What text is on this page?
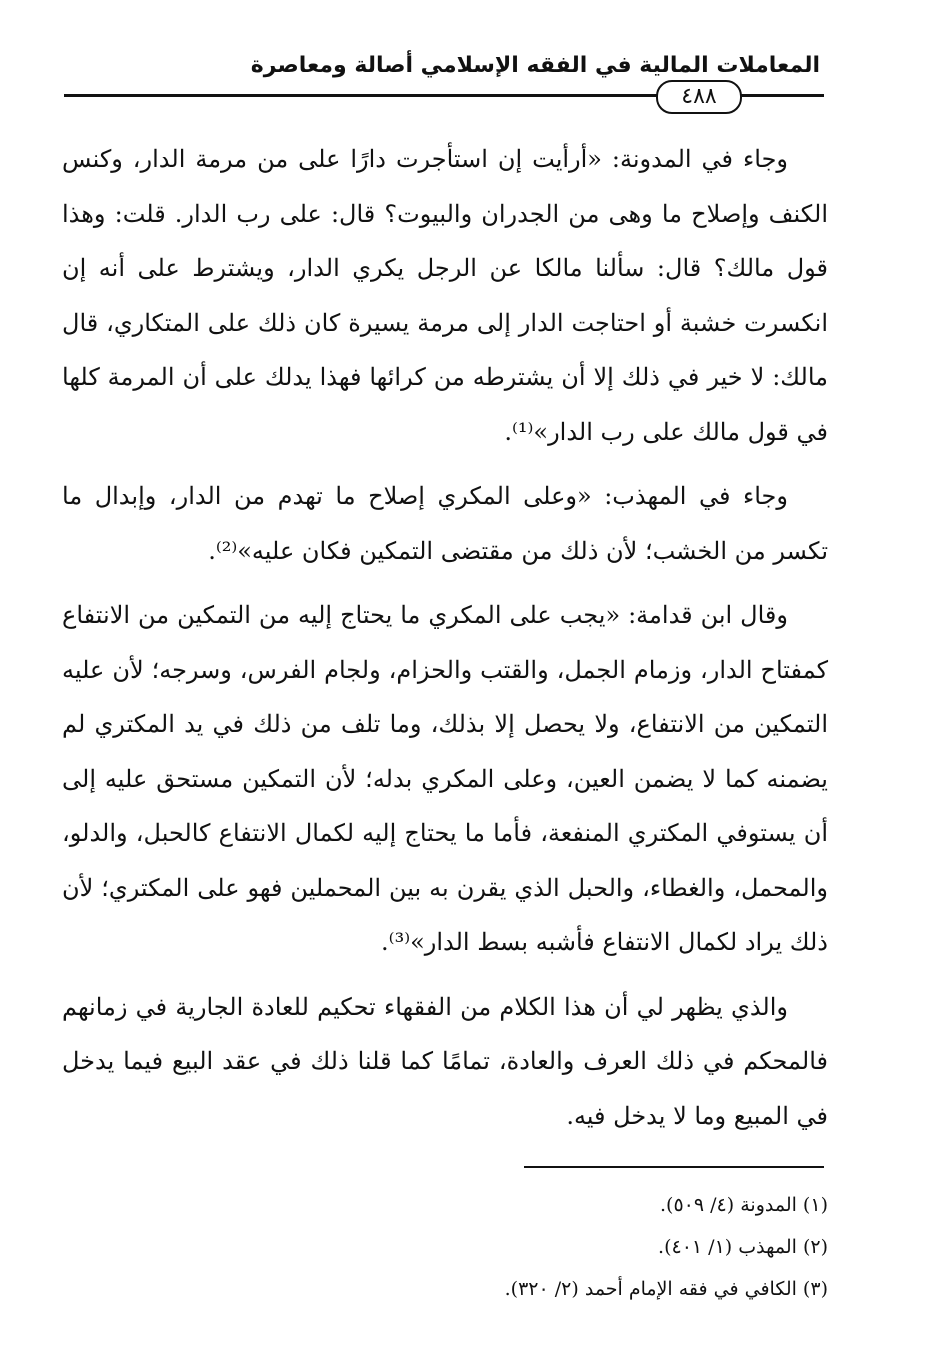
المعاملات المالية في الفقه الإسلامي أصالة ومعاصرة
٤٨٨

وجاء في المدونة: «أرأيت إن استأجرت دارًا على من مرمة الدار، وكنس الكنف وإصلاح ما وهى من الجدران والبيوت؟ قال: على رب الدار. قلت: وهذا قول مالك؟ قال: سألنا مالكا عن الرجل يكري الدار، ويشترط على أنه إن انكسرت خشبة أو احتاجت الدار إلى مرمة يسيرة كان ذلك على المتكاري، قال مالك: لا خير في ذلك إلا أن يشترطه من كرائها فهذا يدلك على أن المرمة كلها في قول مالك على رب الدار»⁽¹⁾.

وجاء في المهذب: «وعلى المكري إصلاح ما تهدم من الدار، وإبدال ما تكسر من الخشب؛ لأن ذلك من مقتضى التمكين فكان عليه»⁽²⁾.

وقال ابن قدامة: «يجب على المكري ما يحتاج إليه من التمكين من الانتفاع كمفتاح الدار، وزمام الجمل، والقتب والحزام، ولجام الفرس، وسرجه؛ لأن عليه التمكين من الانتفاع، ولا يحصل إلا بذلك، وما تلف من ذلك في يد المكتري لم يضمنه كما لا يضمن العين، وعلى المكري بدله؛ لأن التمكين مستحق عليه إلى أن يستوفي المكتري المنفعة، فأما ما يحتاج إليه لكمال الانتفاع كالحبل، والدلو، والمحمل، والغطاء، والحبل الذي يقرن به بين المحملين فهو على المكتري؛ لأن ذلك يراد لكمال الانتفاع فأشبه بسط الدار»⁽³⁾.

والذي يظهر لي أن هذا الكلام من الفقهاء تحكيم للعادة الجارية في زمانهم فالمحكم في ذلك العرف والعادة، تمامًا كما قلنا ذلك في عقد البيع فيما يدخل في المبيع وما لا يدخل فيه.

(١) المدونة (٤/ ٥٠٩).

(٢) المهذب (١/ ٤٠١).

(٣) الكافي في فقه الإمام أحمد (٢/ ٣٢٠).
